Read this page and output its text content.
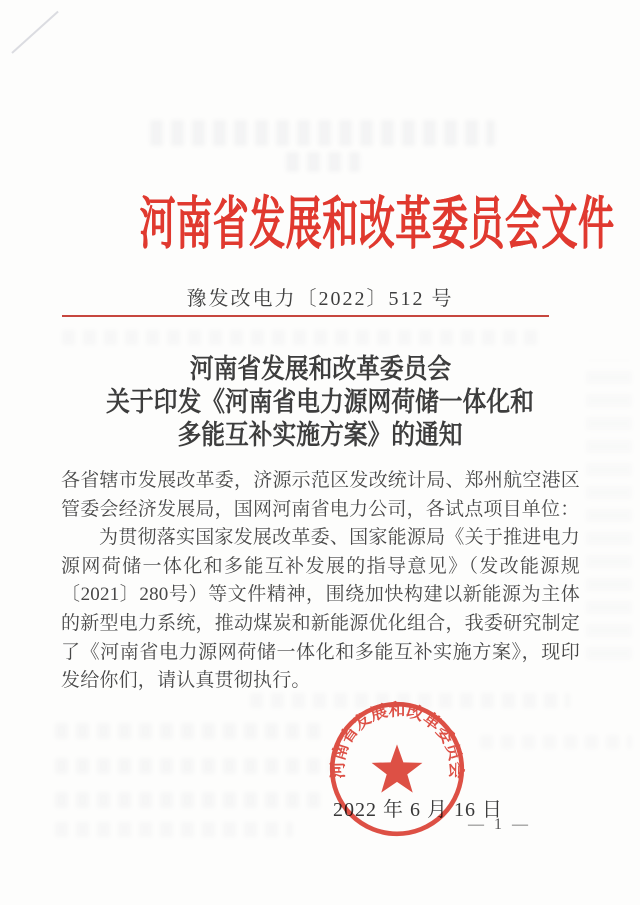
河南省发展和改革委员会文件
豫发改电力〔2022〕512 号
河南省发展和改革委员会
关于印发《河南省电力源网荷储一体化和
多能互补实施方案》的通知

各省辖市发展改革委，济源示范区发改统计局、郑州航空港区管委会经济发展局，国网河南省电力公司，各试点项目单位：

为贯彻落实国家发展改革委、国家能源局《关于推进电力源网荷储一体化和多能互补发展的指导意见》（发改能源规〔2021〕280号）等文件精神，围绕加快构建以新能源为主体的新型电力系统，推动煤炭和新能源优化组合，我委研究制定了《河南省电力源网荷储一体化和多能互补实施方案》，现印发给你们，请认真贯彻执行。

2022 年 6 月 16 日
— 1 —
河南省发展和改革委员会
